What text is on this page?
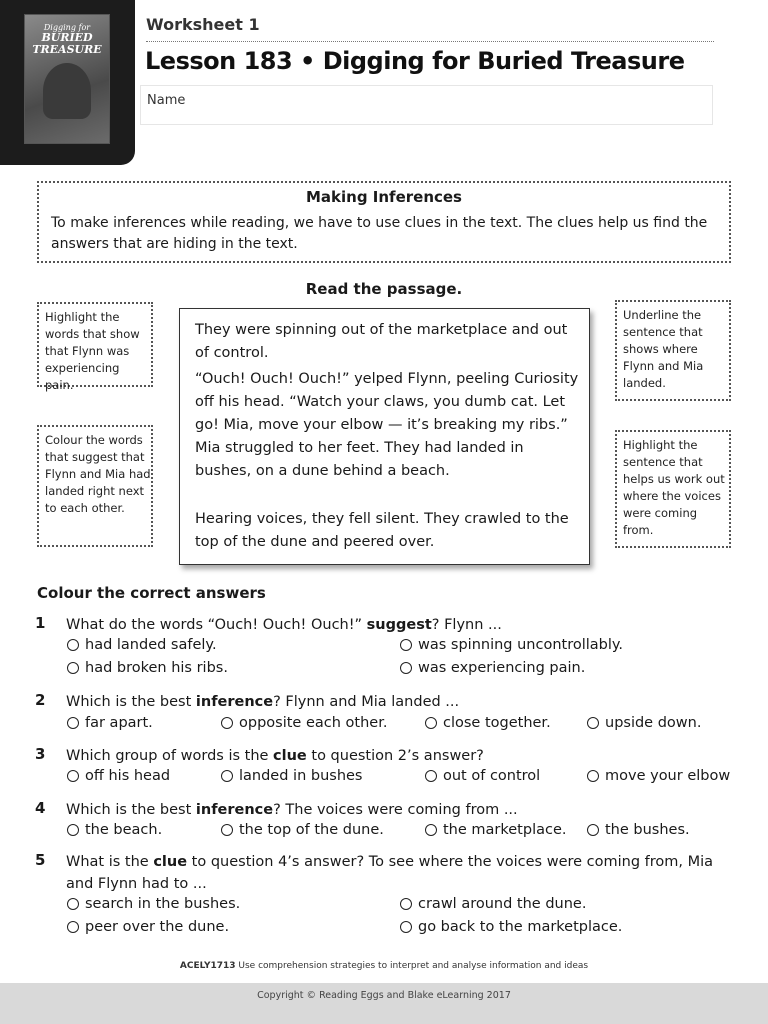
Digging for
BURIED
TREASURE
Worksheet 1
Lesson 183 • Digging for Buried Treasure
Name
Making Inferences
To make inferences while reading, we have to use clues in the text. The clues help us find the answers that are hiding in the text.
Read the passage.
Highlight the words that show that Flynn was experiencing pain.
Colour the words that suggest that Flynn and Mia had landed right next to each other.
Underline the sentence that shows where Flynn and Mia landed.
Highlight the sentence that helps us work out where the voices were coming from.
They were spinning out of the marketplace and out of control.
“Ouch! Ouch! Ouch!” yelped Flynn, peeling Curiosity off his head. “Watch your claws, you dumb cat. Let go! Mia, move your elbow — it’s breaking my ribs.” Mia struggled to her feet. They had landed in bushes, on a dune behind a beach.
Hearing voices, they fell silent. They crawled to the top of the dune and peered over.
Colour the correct answers
1 What do the words “Ouch! Ouch! Ouch!” suggest? Flynn ...
had landed safely.	was spinning uncontrollably.
had broken his ribs.	was experiencing pain.
2 Which is the best inference? Flynn and Mia landed ...
far apart.	opposite each other.	close together.	upside down.
3 Which group of words is the clue to question 2’s answer?
off his head	landed in bushes	out of control	move your elbow
4 Which is the best inference? The voices were coming from ...
the beach.	the top of the dune.	the marketplace.	the bushes.
5 What is the clue to question 4’s answer? To see where the voices were coming from, Mia and Flynn had to ...
search in the bushes.	crawl around the dune.
peer over the dune.	go back to the marketplace.
ACELY1713 Use comprehension strategies to interpret and analyse information and ideas
Copyright © Reading Eggs and Blake eLearning 2017
